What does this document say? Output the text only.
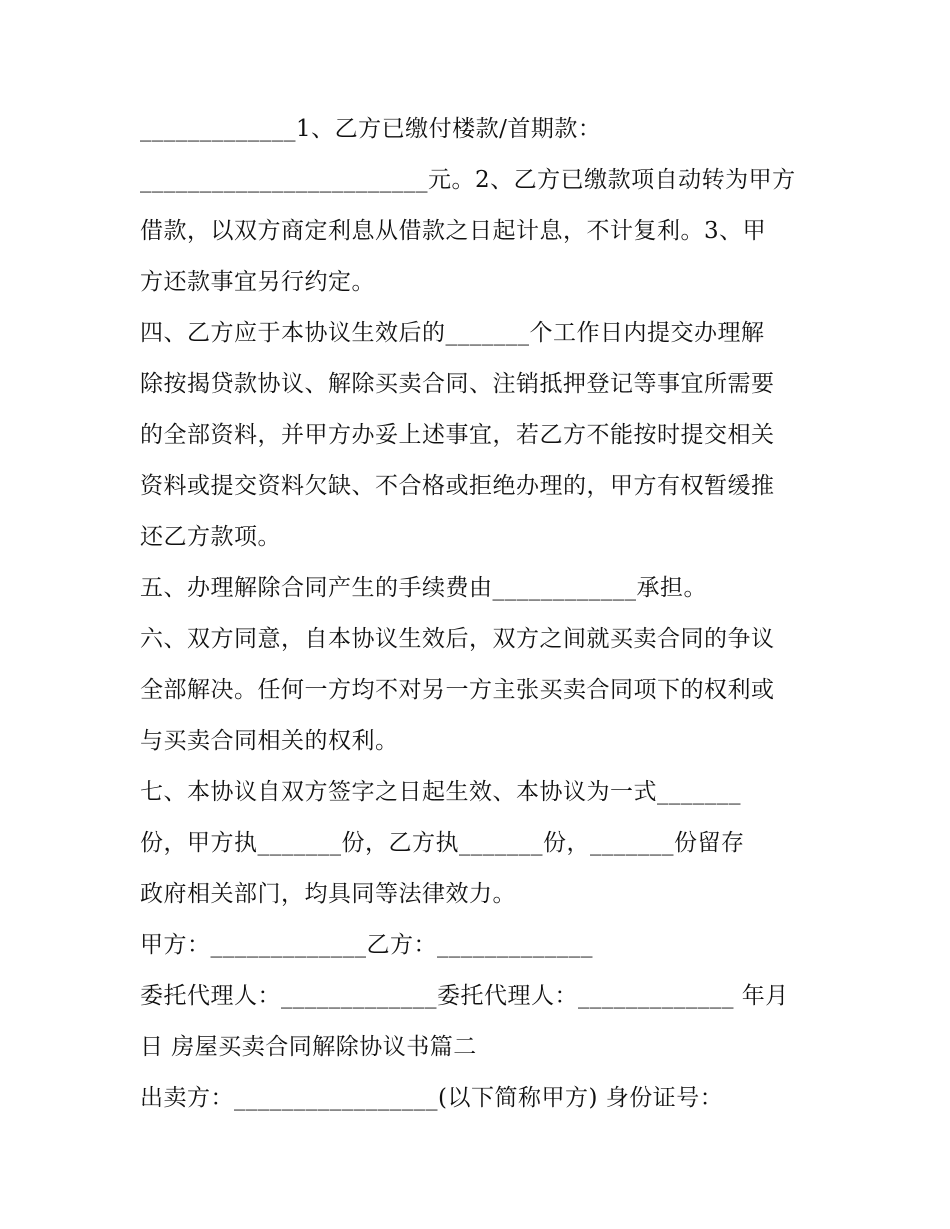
_____________1、乙方已缴付楼款/首期款：
________________________元。2、乙方已缴款项自动转为甲方
借款，以双方商定利息从借款之日起计息，不计复利。3、甲
方还款事宜另行约定。
四、乙方应于本协议生效后的_______个工作日内提交办理解
除按揭贷款协议、解除买卖合同、注销抵押登记等事宜所需要
的全部资料，并甲方办妥上述事宜，若乙方不能按时提交相关
资料或提交资料欠缺、不合格或拒绝办理的，甲方有权暂缓推
还乙方款项。
五、办理解除合同产生的手续费由____________承担。
六、双方同意，自本协议生效后，双方之间就买卖合同的争议
全部解决。任何一方均不对另一方主张买卖合同项下的权利或
与买卖合同相关的权利。
七、本协议自双方签字之日起生效、本协议为一式_______
份，甲方执_______份，乙方执_______份，_______份留存
政府相关部门，均具同等法律效力。
甲方：_____________乙方：_____________
委托代理人：_____________委托代理人：_____________ 年月
日 房屋买卖合同解除协议书篇二
出卖方：_________________(以下简称甲方) 身份证号：
